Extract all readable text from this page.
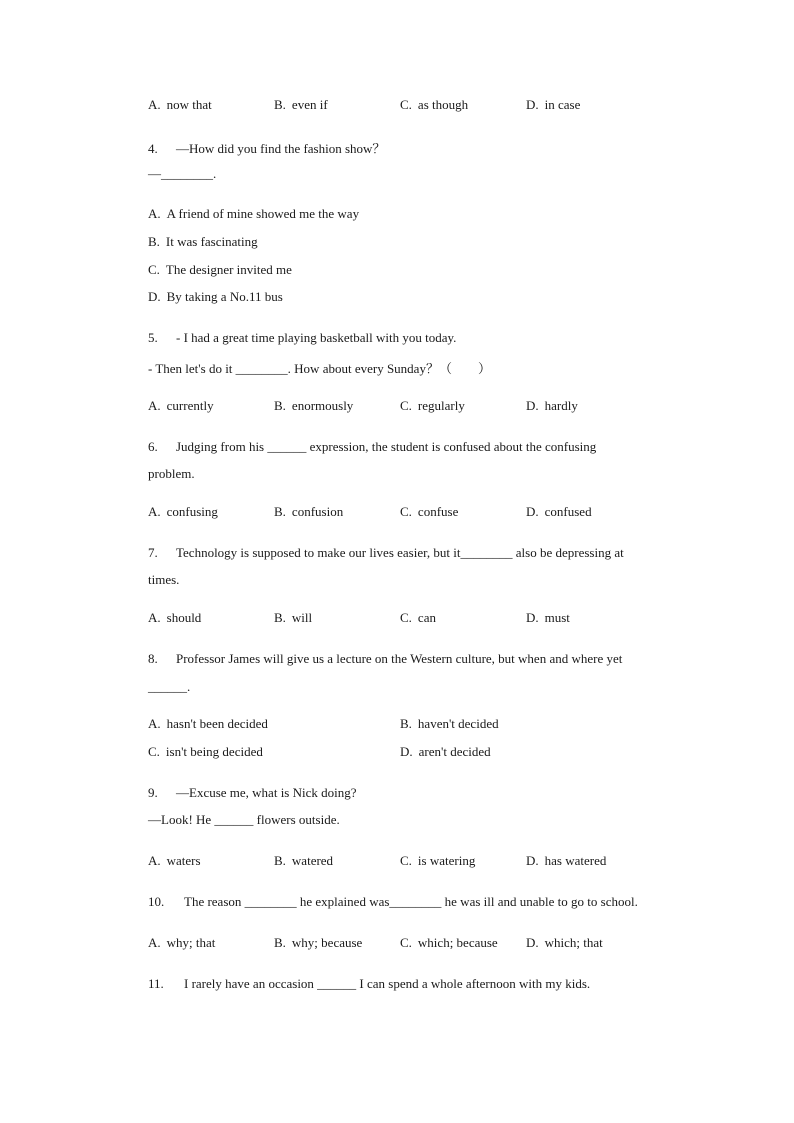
A. now that	B. even if	C. as though	D. in case
4. —How did you find the fashion show？
—________.
A. A friend of mine showed me the way
B. It was fascinating
C. The designer invited me
D. By taking a No.11 bus
5. - I had a great time playing basketball with you today.
- Then let's do it ________. How about every Sunday？（　　）
A. currently	B. enormously	C. regularly	D. hardly
6. Judging from his ______ expression, the student is confused about the confusing
problem.
A. confusing	B. confusion	C. confuse	D. confused
7. Technology is supposed to make our lives easier, but it________ also be depressing at
times.
A. should	B. will	C. can	D. must
8. Professor James will give us a lecture on the Western culture, but when and where yet
______.
A. hasn't been decided	B. haven't decided
C. isn't being decided	D. aren't decided
9. —Excuse me, what is Nick doing?
—Look! He ______ flowers outside.
A. waters	B. watered	C. is watering	D. has watered
10. The reason ________ he explained was________ he was ill and unable to go to school.
A. why; that	B. why; because	C. which; because D. which; that
11. I rarely have an occasion ______ I can spend a whole afternoon with my kids.
